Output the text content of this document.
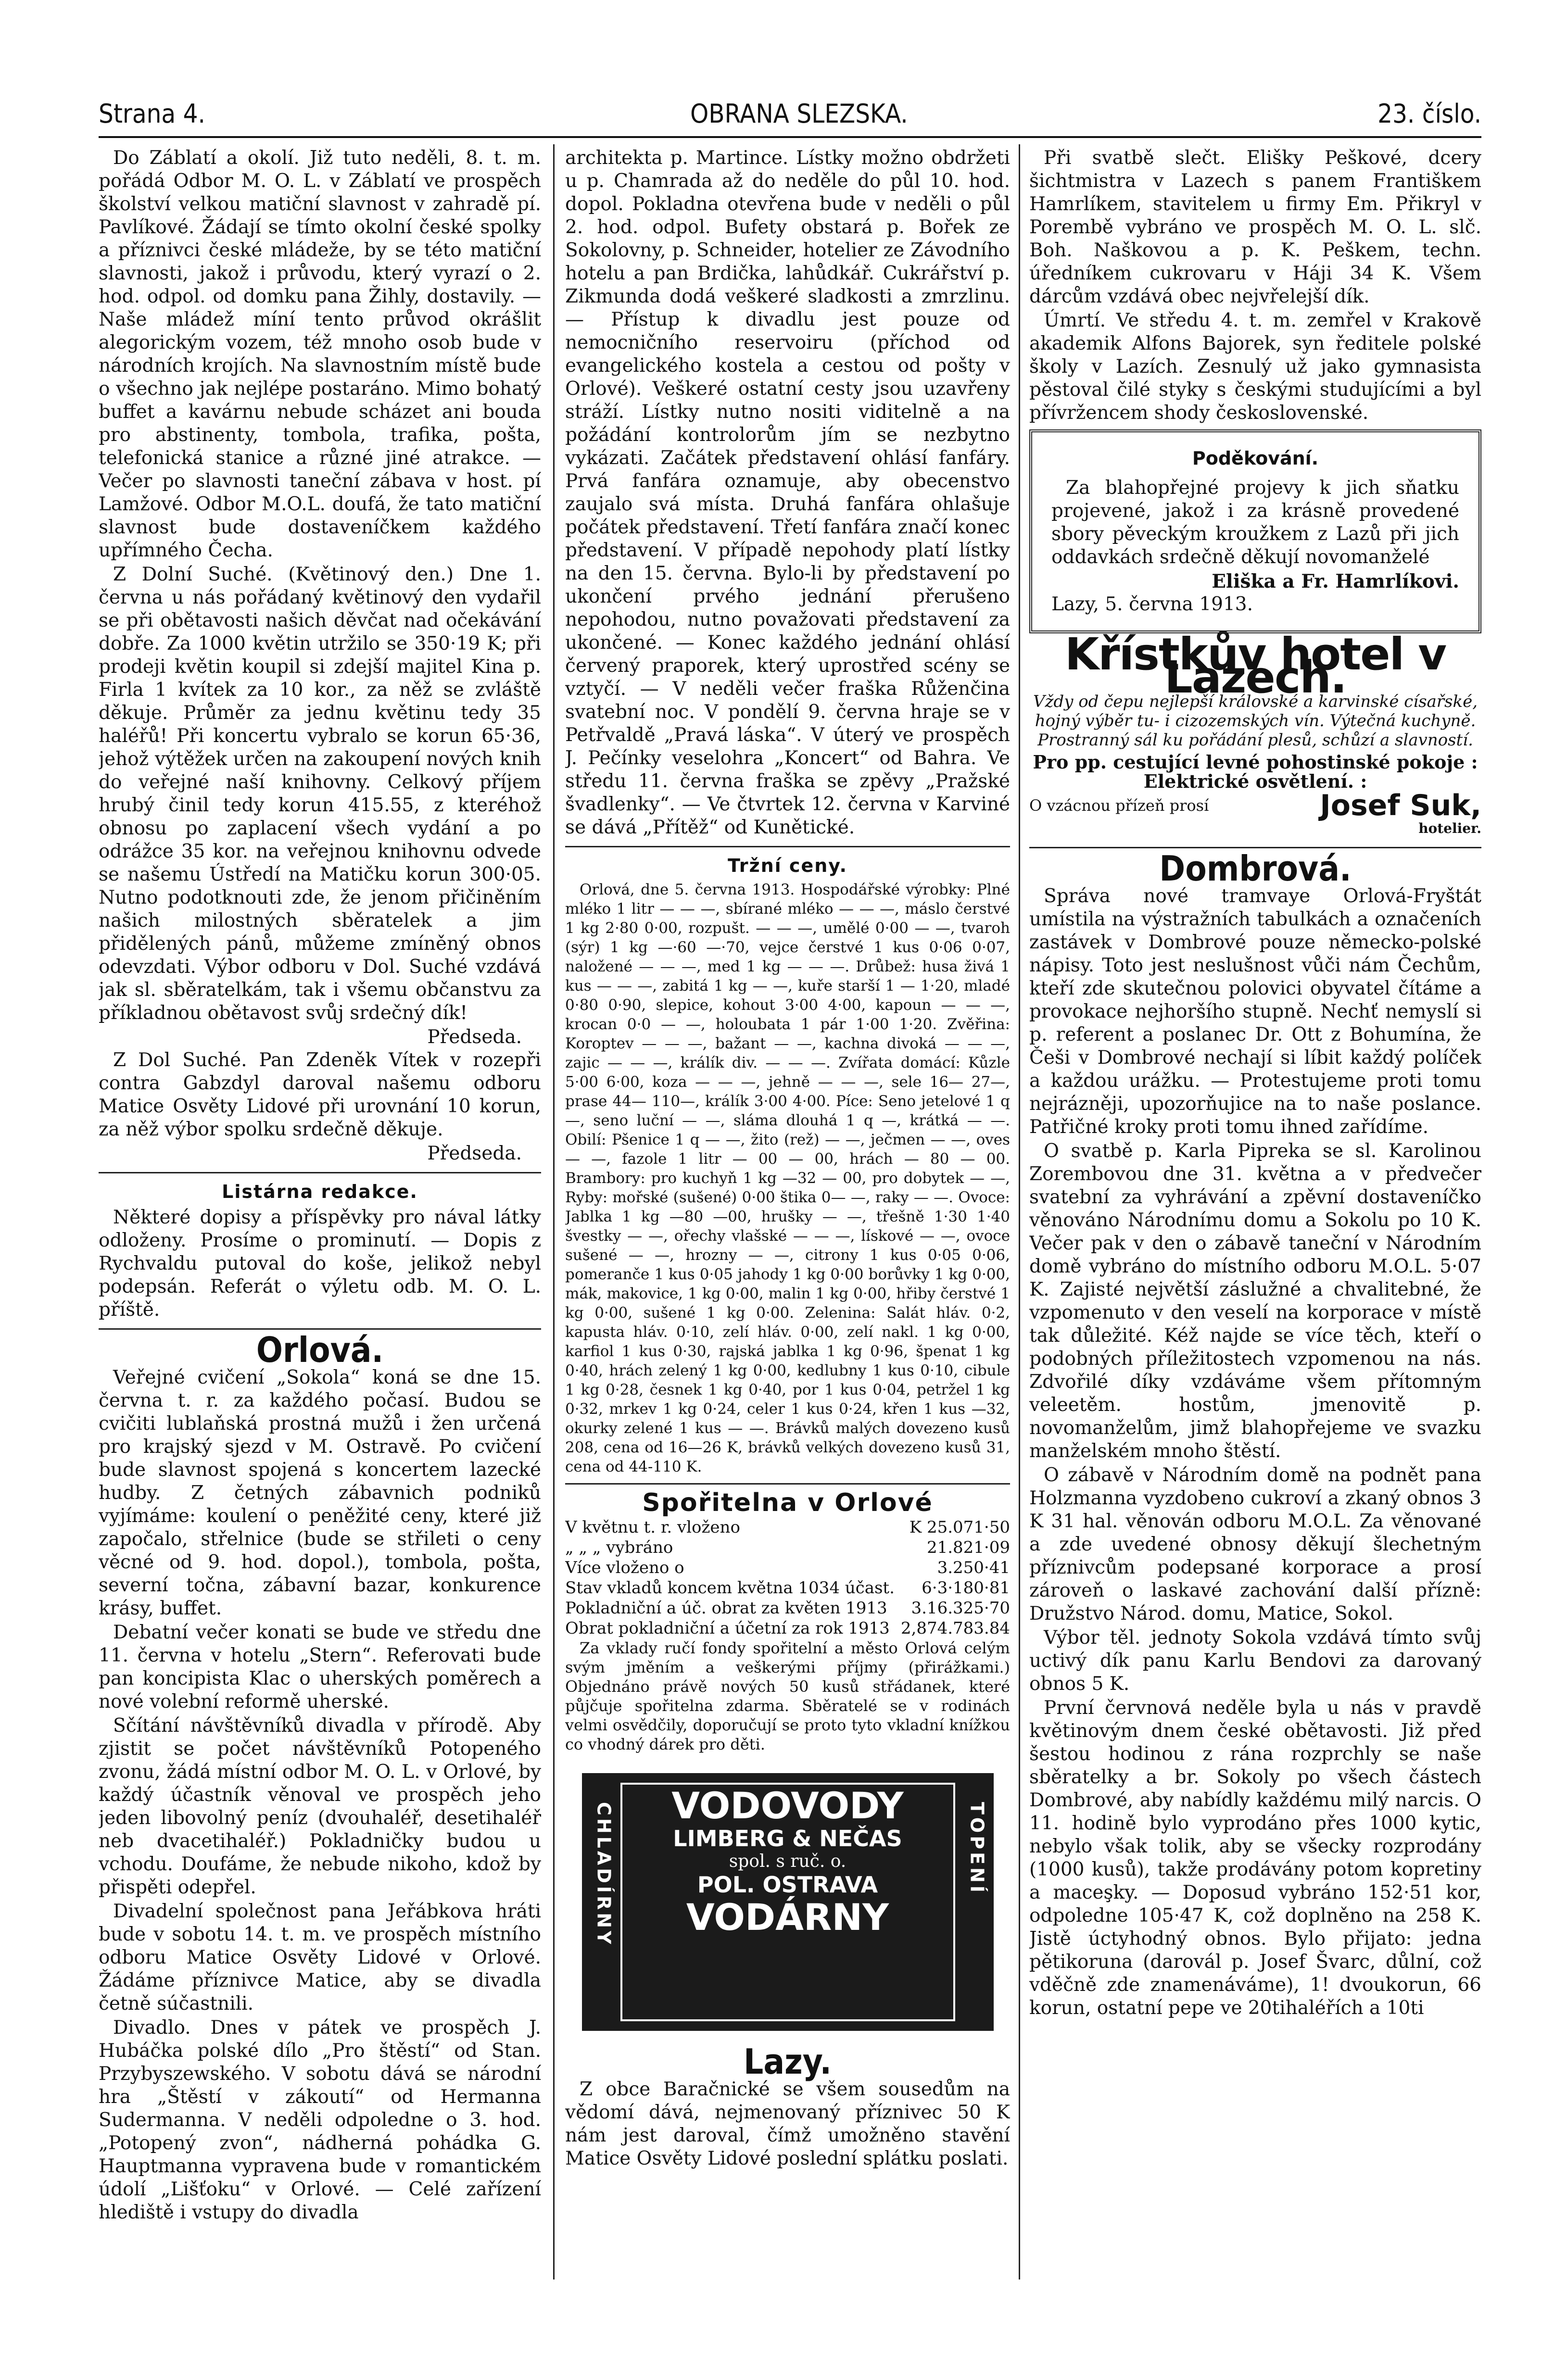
Strana 4.	OBRANA SLEZSKA.	23. číslo.

Do Záblatí a okolí. Již tuto neděli, 8. t. m. pořádá Odbor M. O. L. v Záblatí ve prospěch školství velkou matiční slavnost v zahradě pí. Pavlíkové. Žádají se tímto okolní české spolky a příznivci české mládeže, by se této matiční slavnosti, jakož i průvodu, který vyrazí o 2. hod. odpol. od domku pana Žihly, dostavily. — Naše mládež míní tento průvod okrášlit alegorickým vozem, též mnoho osob bude v národních krojích. Na slavnostním místě bude o všechno jak nejlépe postaráno. Mimo bohatý buffet a kavárnu nebude scházet ani bouda pro abstinenty, tombola, trafika, pošta, telefonická stanice a různé jiné atrakce. — Večer po slavnosti taneční zábava v host. pí Lamžové. Odbor M.O.L. doufá, že tato matiční slavnost bude dostaveníčkem každého upřímného Čecha.

Z Dolní Suché. (Květinový den.) Dne 1. června u nás pořádaný květinový den vydařil se při obětavosti našich děvčat nad očekávání dobře. Za 1000 květin utržilo se 350·19 K; při prodeji květin koupil si zdejší majitel Kina p. Firla 1 kvítek za 10 kor., za něž se zvláště děkuje. Průměr za jednu květinu tedy 35 haléřů! Při koncertu vybralo se korun 65·36, jehož výtěžek určen na zakoupení nových knih do veřejné naší knihovny. Celkový příjem hrubý činil tedy korun 415.55, z kteréhož obnosu po zaplacení všech vydání a po odrážce 35 kor. na veřejnou knihovnu odvede se našemu Ústředí na Matičku korun 300·05. Nutno podotknouti zde, že jenom přičiněním našich milostných sběratelek a jim přidělených pánů, můžeme zmíněný obnos odevzdati. Výbor odboru v Dol. Suché vzdává jak sl. sběratelkám, tak i všemu občanstvu za příkladnou obětavost svůj srdečný dík!

Předseda.

Z Dol Suché. Pan Zdeněk Vítek v rozepři contra Gabzdyl daroval našemu odboru Matice Osvěty Lidové při urovnání 10 korun, za něž výbor spolku srdečně děkuje.

Předseda.
Listárna redakce.

Některé dopisy a příspěvky pro nával látky odloženy. Prosíme o prominutí. — Dopis z Rychvaldu putoval do koše, jelikož nebyl podepsán. Referát o výletu odb. M. O. L. příště.

Orlová.

Veřejné cvičení „Sokola“ koná se dne 15. června t. r. za každého počasí. Budou se cvičiti lublaňská prostná mužů i žen určená pro krajský sjezd v M. Ostravě. Po cvičení bude slavnost spojená s koncertem lazecké hudby. Z četných zábavnich podniků vyjímáme: koulení o peněžité ceny, které již započalo, střelnice (bude se střileti o ceny věcné od 9. hod. dopol.), tombola, pošta, severní točna, zábavní bazar, konkurence krásy, buffet.

Debatní večer konati se bude ve středu dne 11. června v hotelu „Stern“. Referovati bude pan koncipista Klac o uherských poměrech a nové volební reformě uherské.

Sčítání návštěvníků divadla v přírodě. Aby zjistit se počet návštěvníků Potopeného zvonu, žádá místní odbor M. O. L. v Orlové, by každý účastník věnoval ve prospěch jeho jeden libovolný peníz (dvouhaléř, desetihaléř neb dvacetihaléř.) Pokladničky budou u vchodu. Doufáme, že nebude nikoho, kdož by přispěti odepřel.

Divadelní společnost pana Jeřábkova hráti bude v sobotu 14. t. m. ve prospěch místního odboru Matice Osvěty Lidové v Orlové. Žádáme příznivce Matice, aby se divadla četně súčastnili.

Divadlo. Dnes v pátek ve prospěch J. Hubáčka polské dílo „Pro štěstí“ od Stan. Przybyszewského. V sobotu dává se národní hra „Štěstí v zákoutí“ od Hermanna Sudermanna. V neděli odpoledne o 3. hod. „Potopený zvon“, nádherná pohádka G. Hauptmanna vypravena bude v romantickém údolí „Lišťoku“ v Orlové. — Celé zařízení hlediště i vstupy do divadla

architekta p. Martince. Lístky možno obdržeti u p. Chamrada až do neděle do půl 10. hod. dopol. Pokladna otevřena bude v neděli o půl 2. hod. odpol. Bufety obstará p. Bořek ze Sokolovny, p. Schneider, hotelier ze Závodního hotelu a pan Brdička, lahůdkář. Cukrářství p. Zikmunda dodá veškeré sladkosti a zmrzlinu. — Přístup k divadlu jest pouze od nemocničního reservoiru (příchod od evangelického kostela a cestou od pošty v Orlové). Veškeré ostatní cesty jsou uzavřeny stráží. Lístky nutno nositi viditelně a na požádání kontrolorům jím se nezbytno vykázati. Začátek představení ohlásí fanfáry. Prvá fanfára oznamuje, aby obecenstvo zaujalo svá místa. Druhá fanfára ohlašuje počátek představení. Třetí fanfára značí konec představení. V případě nepohody platí lístky na den 15. června. Bylo-li by představení po ukončení prvého jednání přerušeno nepohodou, nutno považovati představení za ukončené. — Konec každého jednání ohlásí červený praporek, který uprostřed scény se vztyčí. — V neděli večer fraška Růženčina svatební noc. V pondělí 9. června hraje se v Petřvaldě „Pravá láska“. V úterý ve prospěch J. Pečínky veselohra „Koncert“ od Bahra. Ve středu 11. června fraška se zpěvy „Pražské švadlenky“. — Ve čtvrtek 12. června v Karviné se dává „Přítěž“ od Kunětické.

Tržní ceny.

Orlová, dne 5. června 1913. Hospodářské výrobky: Plné mléko 1 litr — — —, sbírané mléko — — —, máslo čerstvé 1 kg 2·80 0·00, rozpušt. — — —, umělé 0·00 — —, tvaroh (sýr) 1 kg —·60 —·70, vejce čerstvé 1 kus 0·06 0·07, naložené — — —, med 1 kg — — —. Drůbež: husa živá 1 kus — — —, zabitá 1 kg — —, kuře starší 1 — 1·20, mladé 0·80 0·90, slepice, kohout 3·00 4·00, kapoun — — —, krocan 0·0 — —, holoubata 1 pár 1·00 1·20. Zvěřina: Koroptev — — —, bažant — —, kachna divoká — — —, zajic — — —, králík div. — — —. Zvířata domácí: Kůzle 5·00 6·00, koza — — —, jehně — — —, sele 16— 27—, prase 44— 110—, králík 3·00 4·00. Píce: Seno jetelové 1 q —, seno luční — —, sláma dlouhá 1 q —, krátká — —. Obilí: Pšenice 1 q — —, žito (rež) — —, ječmen — —, oves — —, fazole 1 litr — 00 — 00, hrách — 80 — 00. Brambory: pro kuchyň 1 kg —32 — 00, pro dobytek — —, Ryby: mořské (sušené) 0·00 štika 0— —, raky — —. Ovoce: Jablka 1 kg —80 —00, hrušky — —, třešně 1·30 1·40 švestky — —, ořechy vlašské — — —, lískové — —, ovoce sušené — —, hrozny — —, citrony 1 kus 0·05 0·06, pomeranče 1 kus 0·05 jahody 1 kg 0·00 borůvky 1 kg 0·00, mák, makovice, 1 kg 0·00, malin 1 kg 0·00, hřiby čerstvé 1 kg 0·00, sušené 1 kg 0·00. Zelenina: Salát hláv. 0·2, kapusta hláv. 0·10, zelí hláv. 0·00, zelí nakl. 1 kg 0·00, karfiol 1 kus 0·30, rajská jablka 1 kg 0·96, špenat 1 kg 0·40, hrách zelený 1 kg 0·00, kedlubny 1 kus 0·10, cibule 1 kg 0·28, česnek 1 kg 0·40, por 1 kus 0·04, petržel 1 kg 0·32, mrkev 1 kg 0·24, celer 1 kus 0·24, křen 1 kus —32, okurky zelené 1 kus — —. Brávků malých dovezeno kusů 208, cena od 16—26 K, brávků velkých dovezeno kusů 31, cena od 44-110 K.

Spořitelna v Orlové
V květnu t. r. vloženo	K 25.071·50
„ „ „ vybráno	21.821·09
Více vloženo o	3.250·41
Stav vkladů koncem května 1034 účast. 6·3·180·81
Pokladniční a úč. obrat za květen 1913 3.16.325·70
Obrat pokladniční a účetní za rok 1913 2,874.783.84

Za vklady ručí fondy spořitelní a město Orlová celým svým jměním a veškerými příjmy (přirážkami.) Objednáno právě nových 50 kusů střádanek, které půjčuje spořitelna zdarma. Sběratelé se v rodinách velmi osvědčily, doporučují se proto tyto vkladní knížkou co vhodný dárek pro děti.

CHLADÍRNY	TOPENÍ
VODOVODY
LIMBERG & NEČAS
spol. s ruč. o.
POL. OSTRAVA
VODÁRNY
Lazy.

Z obce Baračnické se všem sousedům na vědomí dává, nejmenovaný příznivec 50 K nám jest daroval, čímž umožněno stavění Matice Osvěty Lidové poslední splátku poslati.

Při svatbě slečt. Elišky Peškové, dcery šichtmistra v Lazech s panem Františkem Hamrlíkem, stavitelem u firmy Em. Přikryl v Porembě vybráno ve prospěch M. O. L. slč. Boh. Naškovou a p. K. Peškem, techn. úředníkem cukrovaru v Háji 34 K. Všem dárcům vzdává obec nejvřelejší dík.

Úmrtí. Ve středu 4. t. m. zemřel v Krakově akademik Alfons Bajorek, syn ředitele polské školy v Lazích. Zesnulý už jako gymnasista pěstoval čilé styky s českými studujícími a byl přívržencem shody československé.

Poděkování.

Za blahopřejné projevy k jich sňatku projevené, jakož i za krásně provedené sbory pěveckým kroužkem z Lazů při jich oddavkách srdečně děkují novomanželé

Eliška a Fr. Hamrlíkovi.
Lazy, 5. června 1913.
Křístkův hotel v Lazech.
Vždy od čepu nejlepší královské a karvinské císařské, hojný výběr tu- i cizozemských vín. Výtečná kuchyně. Prostranný sál ku pořádání plesů, schůzí a slavností.
Pro pp. cestující levné pohostinské pokoje : Elektrické osvětlení. :
O vzácnou přízeň prosí	Josef Suk,
hotelier.
Dombrová.

Správa nové tramvaye Orlová-Fryštát umístila na výstražních tabulkách a označeních zastávek v Dombrové pouze německo-polské nápisy. Toto jest neslušnost vůči nám Čechům, kteří zde skutečnou polovici obyvatel čítáme a provokace nejhoršího stupně. Nechť nemyslí si p. referent a poslanec Dr. Ott z Bohumína, že Češi v Dombrové nechají si líbit každý políček a každou urážku. — Protestujeme proti tomu nejrázněji, upozorňujice na to naše poslance. Patřičné kroky proti tomu ihned zařídíme.

O svatbě p. Karla Pipreka se sl. Karolinou Zorembovou dne 31. května a v předvečer svatební za vyhrávání a zpěvní dostaveníčko věnováno Národnímu domu a Sokolu po 10 K. Večer pak v den o zábavě taneční v Národním domě vybráno do místního odboru M.O.L. 5·07 K. Zajisté největší záslužné a chvalitebné, že vzpomenuto v den veselí na korporace v místě tak důležité. Kéž najde se více těch, kteří o podobných příležitostech vzpomenou na nás. Zdvořilé díky vzdáváme všem přítomným veleetěm. hostům, jmenovitě p. novomanželům, jimž blahopřejeme ve svazku manželském mnoho štěstí.

O zábavě v Národním domě na podnět pana Holzmanna vyzdobeno cukroví a zkaný obnos 3 K 31 hal. věnován odboru M.O.L. Za věnované a zde uvedené obnosy děkují šlechetným příznivcům podepsané korporace a prosí zároveň o laskavé zachování další přízně: Družstvo Národ. domu, Matice, Sokol.

Výbor těl. jednoty Sokola vzdává tímto svůj uctivý dík panu Karlu Bendovi za darovaný obnos 5 K.

První červnová neděle byla u nás v pravdě květinovým dnem české obětavosti. Již před šestou hodinou z rána rozprchly se naše sběratelky a br. Sokoly po všech částech Dombrové, aby nabídly každému milý narcis. O 11. hodině bylo vyprodáno přes 1000 kytic, nebylo však tolik, aby se všecky rozprodány (1000 kusů), takže prodávány potom kopretiny a maceşky. — Doposud vybráno 152·51 kor, odpoledne 105·47 K, což doplněno na 258 K. Jistě úctyhodný obnos. Bylo přijato: jedna pětikoruna (darovál p. Josef Švarc, důlní, což vděčně zde znamenáváme), 1! dvoukorun, 66 korun, ostatní pepe ve 20tihaléřích a 10ti
